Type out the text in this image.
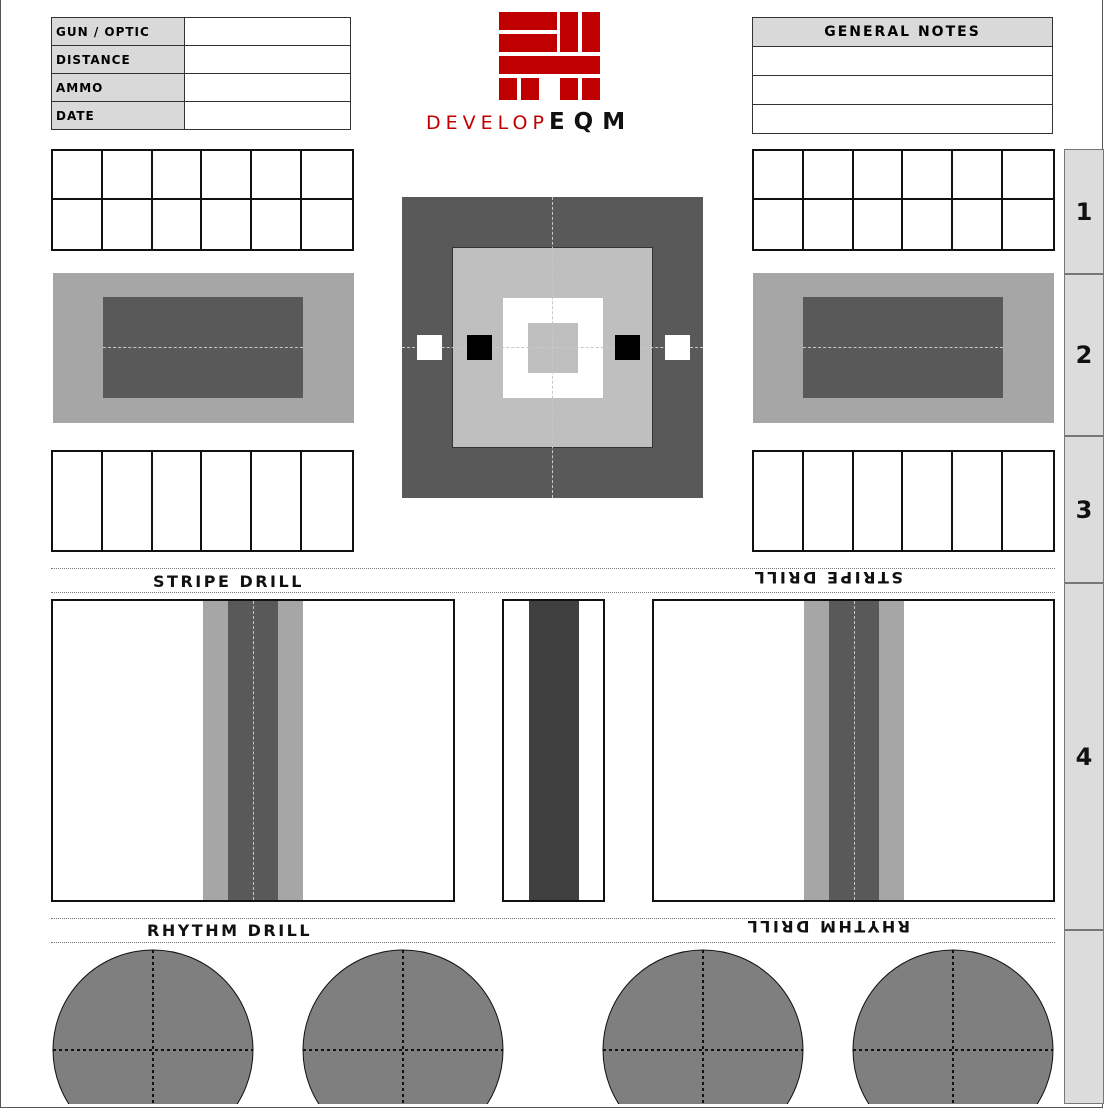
GUN / OPTIC	
DISTANCE	
AMMO	
DATE	
GENERAL NOTES

DEVELOPEQM
STRIPE DRILL	STRIPE DRILL
RHYTHM DRILL	RHYTHM DRILL
1
2
3
4
